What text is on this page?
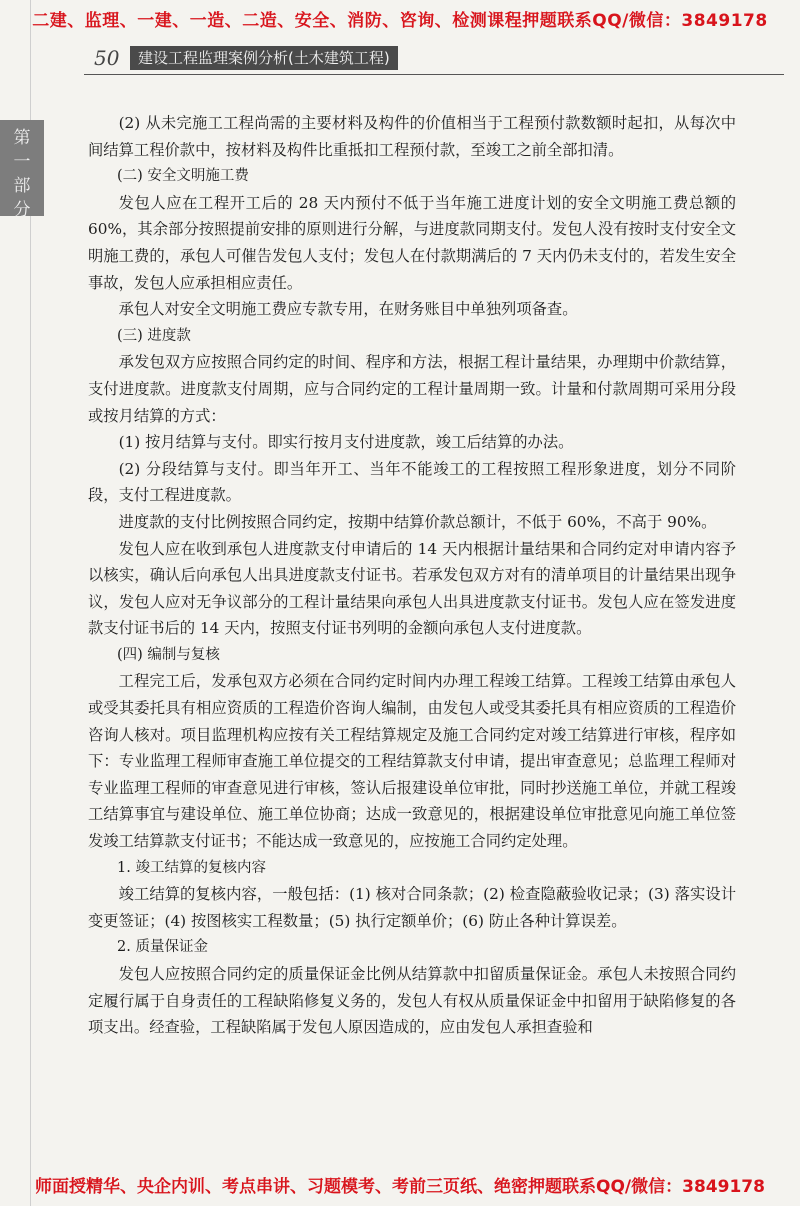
二建、监理、一建、一造、二造、安全、消防、咨询、检测课程押题联系QQ/微信：3849178
50	建设工程监理案例分析(土木建筑工程)
第
一
部
分

(2) 从未完施工工程尚需的主要材料及构件的价值相当于工程预付款数额时起扣，从每次中间结算工程价款中，按材料及构件比重抵扣工程预付款，至竣工之前全部扣清。

(二) 安全文明施工费

发包人应在工程开工后的 28 天内预付不低于当年施工进度计划的安全文明施工费总额的 60%，其余部分按照提前安排的原则进行分解，与进度款同期支付。发包人没有按时支付安全文明施工费的，承包人可催告发包人支付；发包人在付款期满后的 7 天内仍未支付的，若发生安全事故，发包人应承担相应责任。

承包人对安全文明施工费应专款专用，在财务账目中单独列项备查。

(三) 进度款

承发包双方应按照合同约定的时间、程序和方法，根据工程计量结果，办理期中价款结算，支付进度款。进度款支付周期，应与合同约定的工程计量周期一致。计量和付款周期可采用分段或按月结算的方式：

(1) 按月结算与支付。即实行按月支付进度款，竣工后结算的办法。

(2) 分段结算与支付。即当年开工、当年不能竣工的工程按照工程形象进度，划分不同阶段，支付工程进度款。

进度款的支付比例按照合同约定，按期中结算价款总额计，不低于 60%，不高于 90%。

发包人应在收到承包人进度款支付申请后的 14 天内根据计量结果和合同约定对申请内容予以核实，确认后向承包人出具进度款支付证书。若承发包双方对有的清单项目的计量结果出现争议，发包人应对无争议部分的工程计量结果向承包人出具进度款支付证书。发包人应在签发进度款支付证书后的 14 天内，按照支付证书列明的金额向承包人支付进度款。

(四) 编制与复核

工程完工后，发承包双方必须在合同约定时间内办理工程竣工结算。工程竣工结算由承包人或受其委托具有相应资质的工程造价咨询人编制，由发包人或受其委托具有相应资质的工程造价咨询人核对。项目监理机构应按有关工程结算规定及施工合同约定对竣工结算进行审核，程序如下：专业监理工程师审查施工单位提交的工程结算款支付申请，提出审查意见；总监理工程师对专业监理工程师的审查意见进行审核，签认后报建设单位审批，同时抄送施工单位，并就工程竣工结算事宜与建设单位、施工单位协商；达成一致意见的，根据建设单位审批意见向施工单位签发竣工结算款支付证书；不能达成一致意见的，应按施工合同约定处理。

1. 竣工结算的复核内容

竣工结算的复核内容，一般包括：(1) 核对合同条款；(2) 检查隐蔽验收记录；(3) 落实设计变更签证；(4) 按图核实工程数量；(5) 执行定额单价；(6) 防止各种计算误差。

2. 质量保证金

发包人应按照合同约定的质量保证金比例从结算款中扣留质量保证金。承包人未按照合同约定履行属于自身责任的工程缺陷修复义务的，发包人有权从质量保证金中扣留用于缺陷修复的各项支出。经查验，工程缺陷属于发包人原因造成的，应由发包人承担查验和

师面授精华、央企内训、考点串讲、习题模考、考前三页纸、绝密押题联系QQ/微信：3849178
